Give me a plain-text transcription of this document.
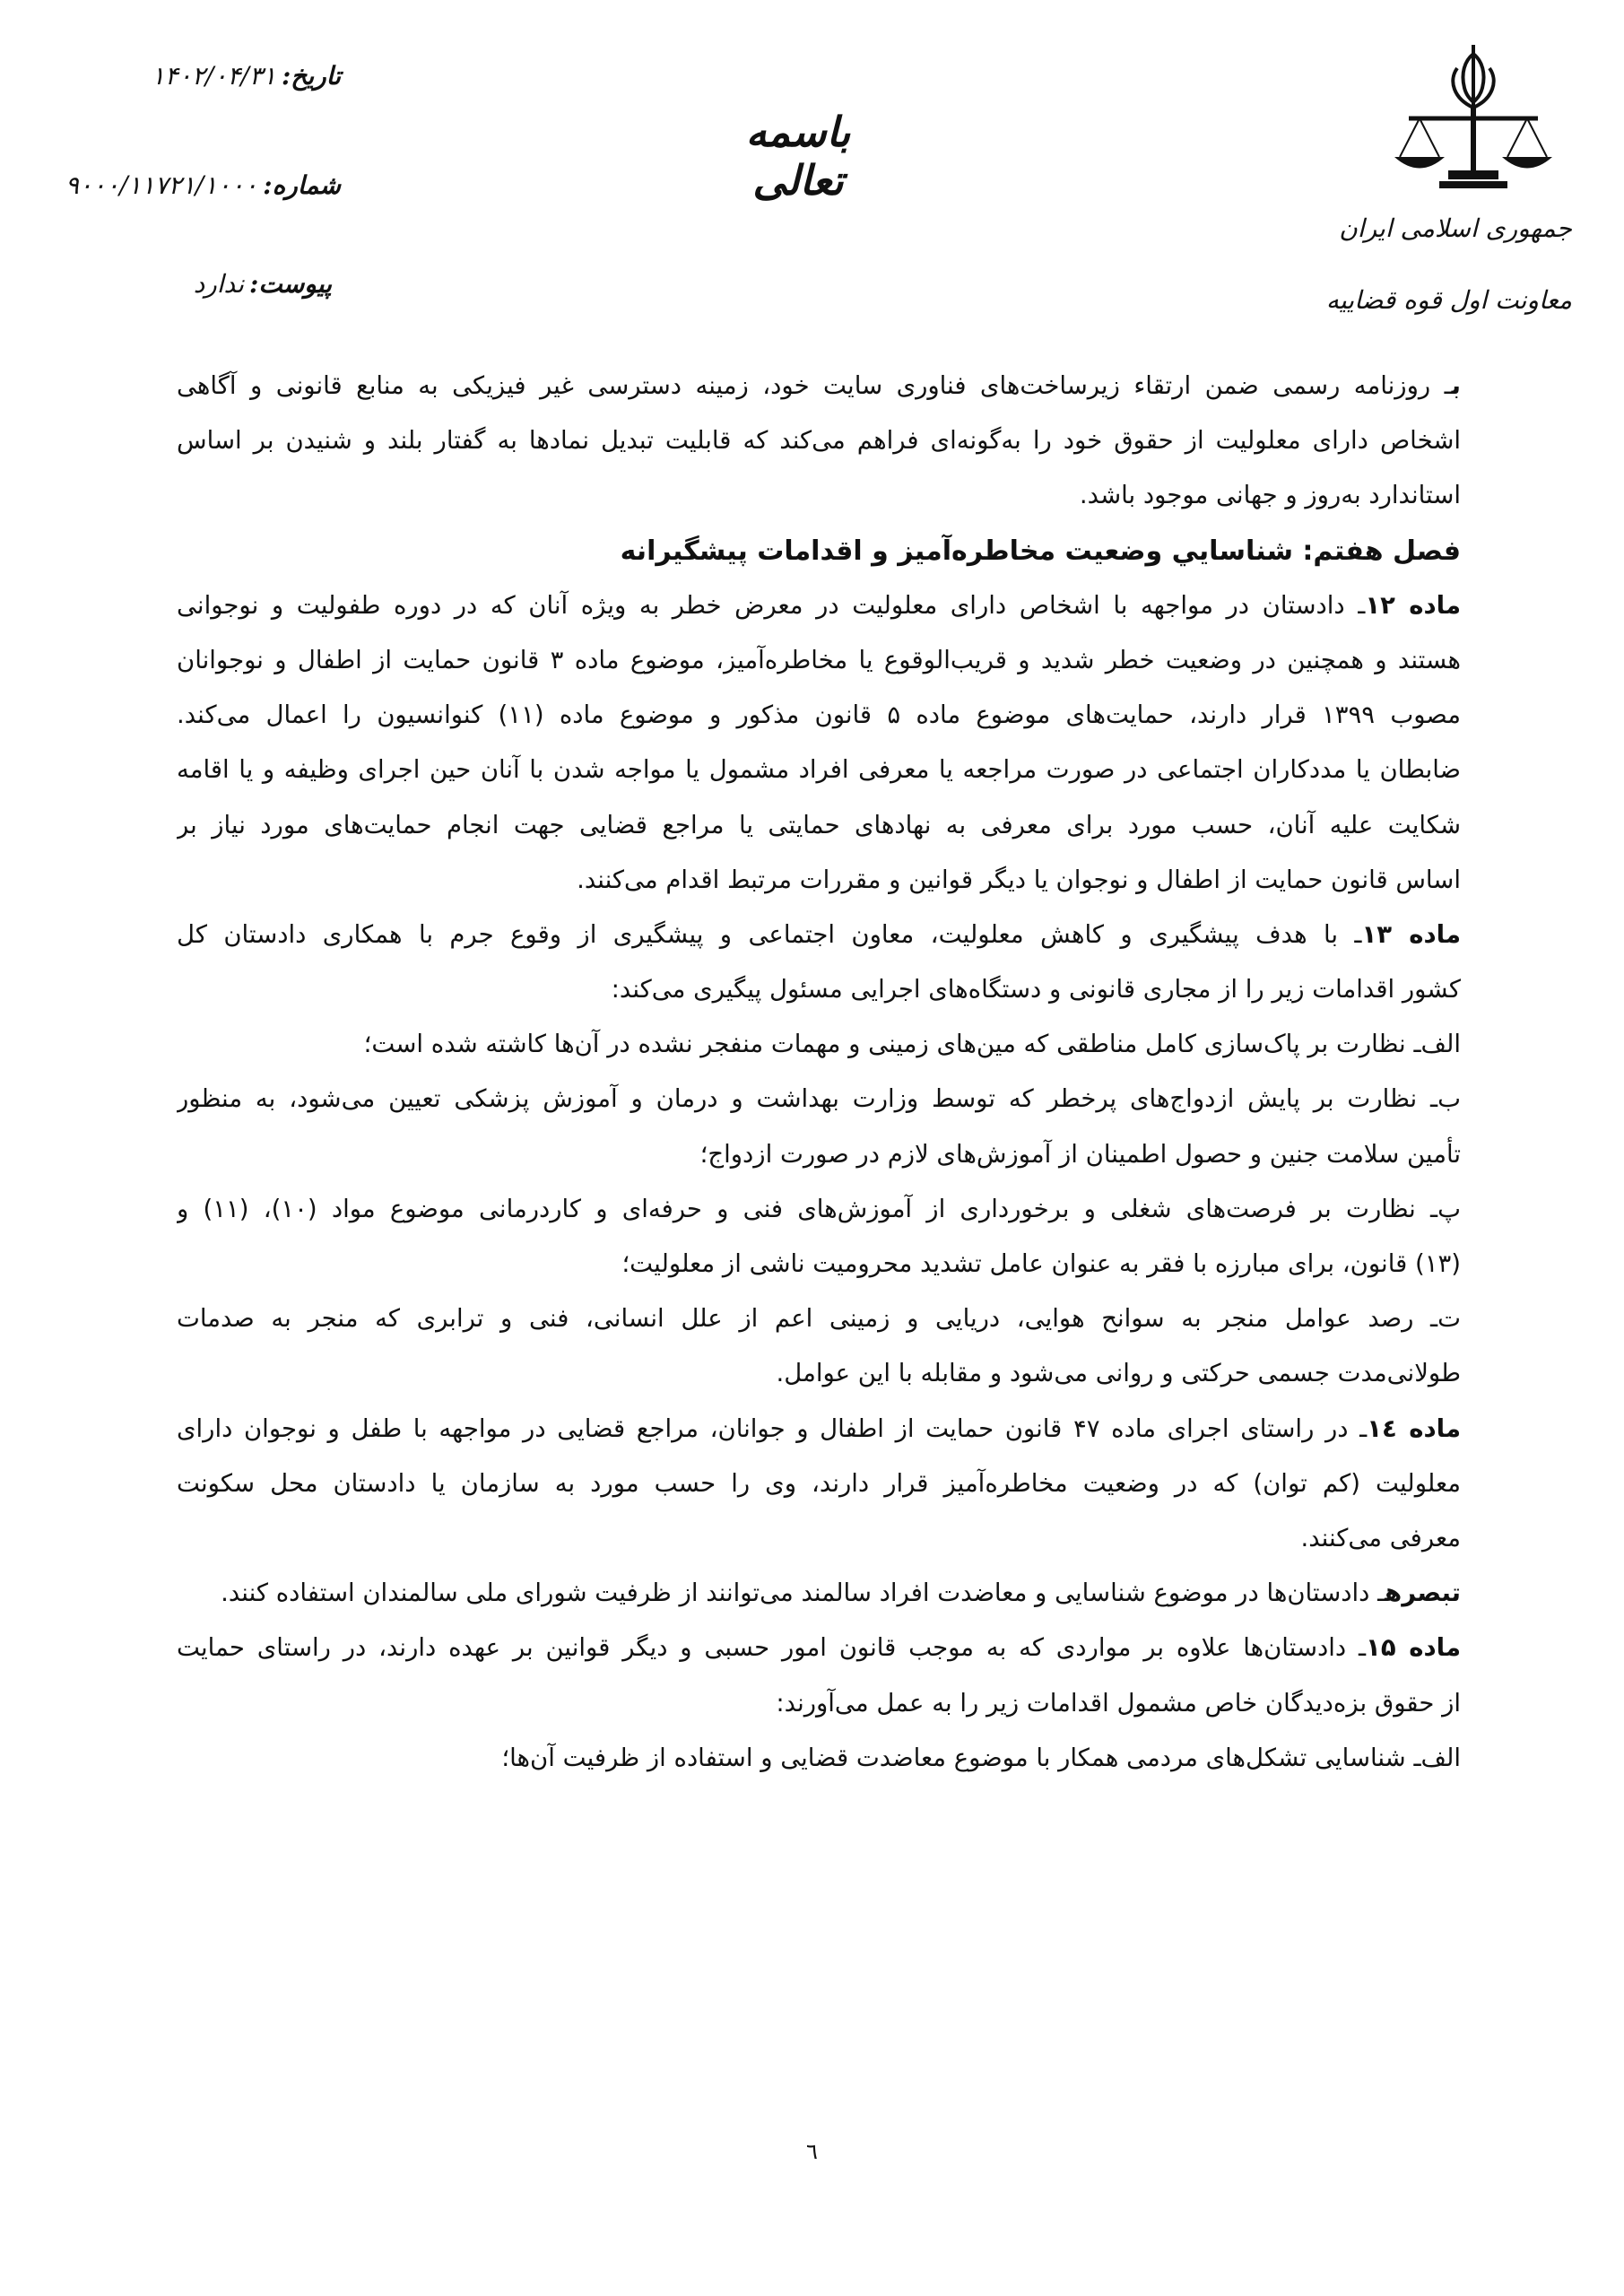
جمهوری اسلامی ایران
معاونت اول قوه قضاییه
باسمه تعالی
تاریخ:۱۴۰۲/۰۴/۳۱
شماره:۹۰۰۰/۱۱۷۲۱/۱۰۰۰
پیوست:ندارد
بـ روزنامه رسمی ضمن ارتقاء زیرساخت‌های فناوری سایت خود، زمینه دسترسی غیر فیزیکی به منابع قانونی و آگاهی
اشخاص دارای معلولیت از حقوق خود را به‌گونه‌ای فراهم می‌کند که قابلیت تبدیل نمادها به گفتار بلند و شنیدن بر اساس
استاندارد به‌روز و جهانی موجود باشد.
فصل هفتم: شناسايي وضعيت مخاطره‌آميز و اقدامات پيشگيرانه
ماده ۱۲ـ دادستان در مواجهه با اشخاص دارای معلولیت در معرض خطر به ویژه آنان که در دوره طفولیت و نوجوانی
هستند و همچنین در وضعیت خطر شدید و قریب‌الوقوع یا مخاطره‌آمیز، موضوع ماده ۳ قانون حمایت از اطفال و نوجوانان
مصوب ۱۳۹۹ قرار دارند، حمایت‌های موضوع ماده ۵ قانون مذکور و موضوع ماده (۱۱) کنوانسیون را اعمال می‌کند.
ضابطان یا مددکاران اجتماعی در صورت مراجعه یا معرفی افراد مشمول یا مواجه شدن با آنان حین اجرای وظیفه و یا اقامه
شکایت علیه آنان، حسب مورد برای معرفی به نهادهای حمایتی یا مراجع قضایی جهت انجام حمایت‌های مورد نیاز بر
اساس قانون حمایت از اطفال و نوجوان یا دیگر قوانین و مقررات مرتبط اقدام می‌کنند.
ماده ۱۳ـ با هدف پیشگیری و کاهش معلولیت، معاون اجتماعی و پیشگیری از وقوع جرم با همکاری دادستان کل
کشور اقدامات زیر را از مجاری قانونی و دستگاه‌های اجرایی مسئول پیگیری می‌کند:
الف‌ـ نظارت بر پاک‌سازی کامل مناطقی که مین‌های زمینی و مهمات منفجر نشده در آن‌ها کاشته شده است؛
ب‌ـ نظارت بر پایش ازدواج‌های پرخطر که توسط وزارت بهداشت و درمان و آموزش پزشکی تعیین می‌شود، به منظور
تأمین سلامت جنین و حصول اطمینان از آموزش‌های لازم در صورت ازدواج؛
پ‌ـ نظارت بر فرصت‌های شغلی و برخورداری از آموزش‌های فنی و حرفه‌ای و کاردرمانی موضوع مواد (۱۰)، (۱۱) و
(۱۳) قانون، برای مبارزه با فقر به عنوان عامل تشدید محرومیت ناشی از معلولیت؛
ت‌ـ رصد عوامل منجر به سوانح هوایی، دریایی و زمینی اعم از علل انسانی، فنی و ترابری که منجر به صدمات
طولانی‌مدت جسمی حرکتی و روانی می‌شود و مقابله با این عوامل.
ماده ۱٤ـ در راستای اجرای ماده ۴۷ قانون حمایت از اطفال و جوانان، مراجع قضایی در مواجهه با طفل و نوجوان دارای
معلولیت (کم توان) که در وضعیت مخاطره‌آمیز قرار دارند، وی را حسب مورد به سازمان یا دادستان محل سکونت
معرفی می‌کنند.
تبصرهـ دادستان‌ها در موضوع شناسایی و معاضدت افراد سالمند می‌توانند از ظرفیت شورای ملی سالمندان استفاده کنند.
ماده ۱۵ـ دادستان‌ها علاوه بر مواردی که به موجب قانون امور حسبی و دیگر قوانین بر عهده دارند، در راستای حمایت
از حقوق بزه‌دیدگان خاص مشمول اقدامات زیر را به عمل می‌آورند:
الف‌ـ شناسایی تشکل‌های مردمی همکار با موضوع معاضدت قضایی و استفاده از ظرفیت آن‌ها؛
٦
